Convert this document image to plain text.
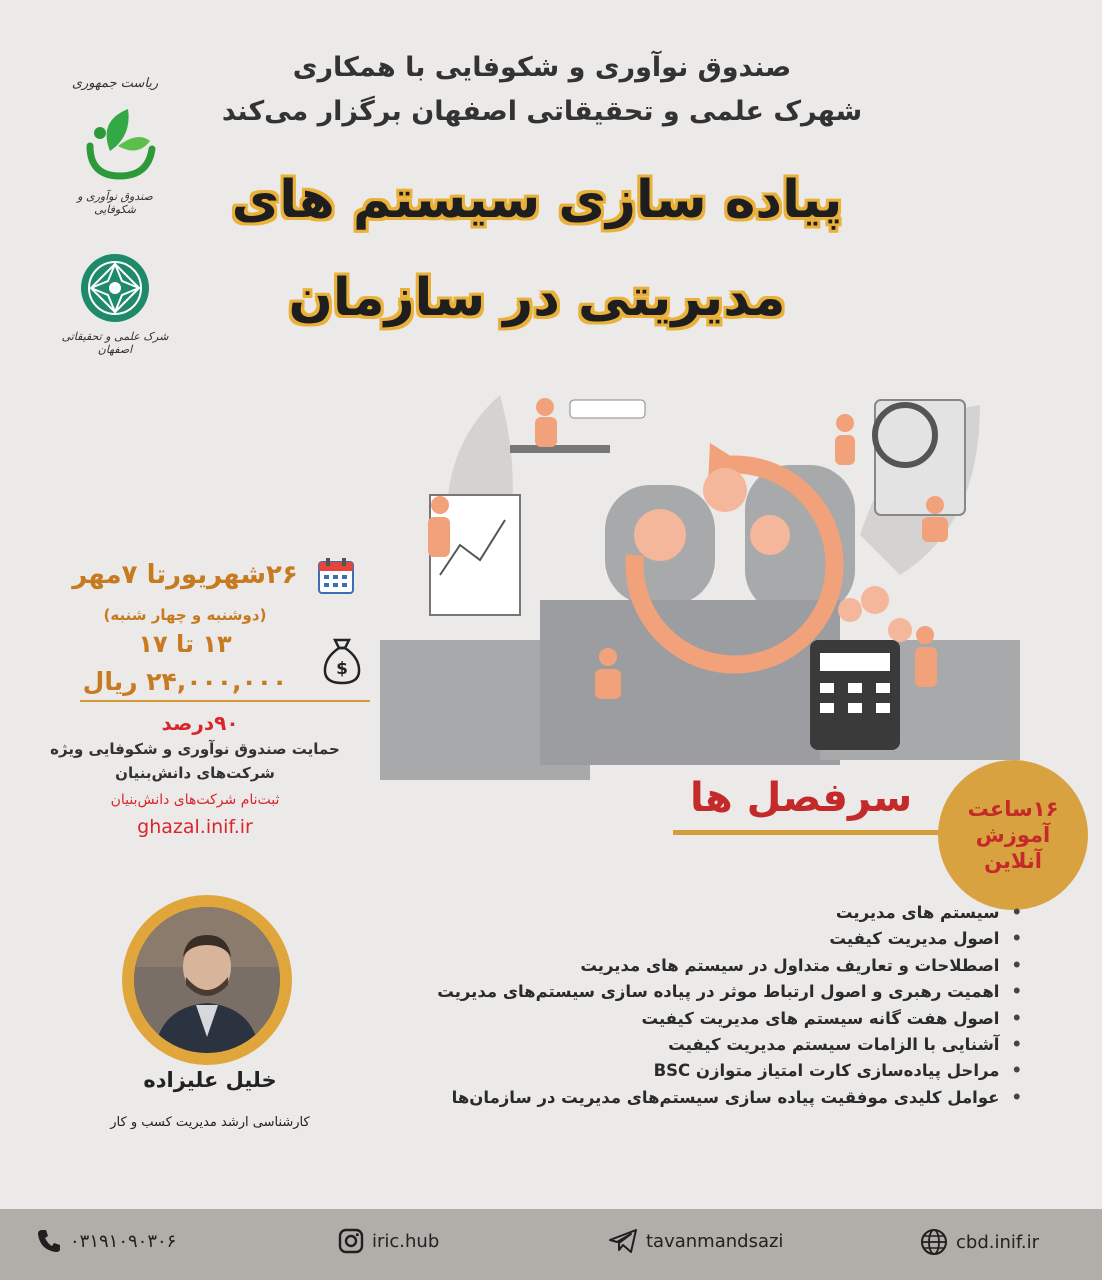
صندوق نوآوری و شکوفایی با همکاری
شهرک علمی و تحقیقاتی اصفهان برگزار می‌کند
پیاده سازی سیستم های
مدیریتی در سازمان
ریاست جمهوری
صندوق نوآوری و شکوفایی
شرک علمی و تحقیقاتی اصفهان
۲۶شهریورتا ۷مهر
(دوشنبه و چهار شنبه)
۱۳ تا ۱۷
۲۴,۰۰۰,۰۰۰ ریال
۹۰درصد
حمایت صندوق نوآوری و شکوفایی ویژه
شرکت‌های دانش‌بنیان
ثبت‌نام شرکت‌های دانش‌بنیان
ghazal.inif.ir
$
سرفصل ها	۱۶ساعت
آموزش
آنلاین
• سیستم های مدیریت
• اصول مدیریت کیفیت
• اصطلاحات و تعاریف متداول در سیستم های مدیریت
• اهمیت رهبری و اصول ارتباط موثر در پیاده سازی سیستم‌های مدیریت
• اصول هفت گانه سیستم های مدیریت کیفیت
• آشنایی با الزامات سیستم مدیریت کیفیت
• مراحل پیاده‌سازی کارت امتیاز متوازن BSC
• عوامل کلیدی موفقیت پیاده سازی سیستم‌های مدیریت در سازمان‌ها
خلیل علیزاده
کارشناسی ارشد مدیریت کسب و کار
۰۳۱۹۱۰۹۰۳۰۶	iric.hub	tavanmandsazi	cbd.inif.ir
